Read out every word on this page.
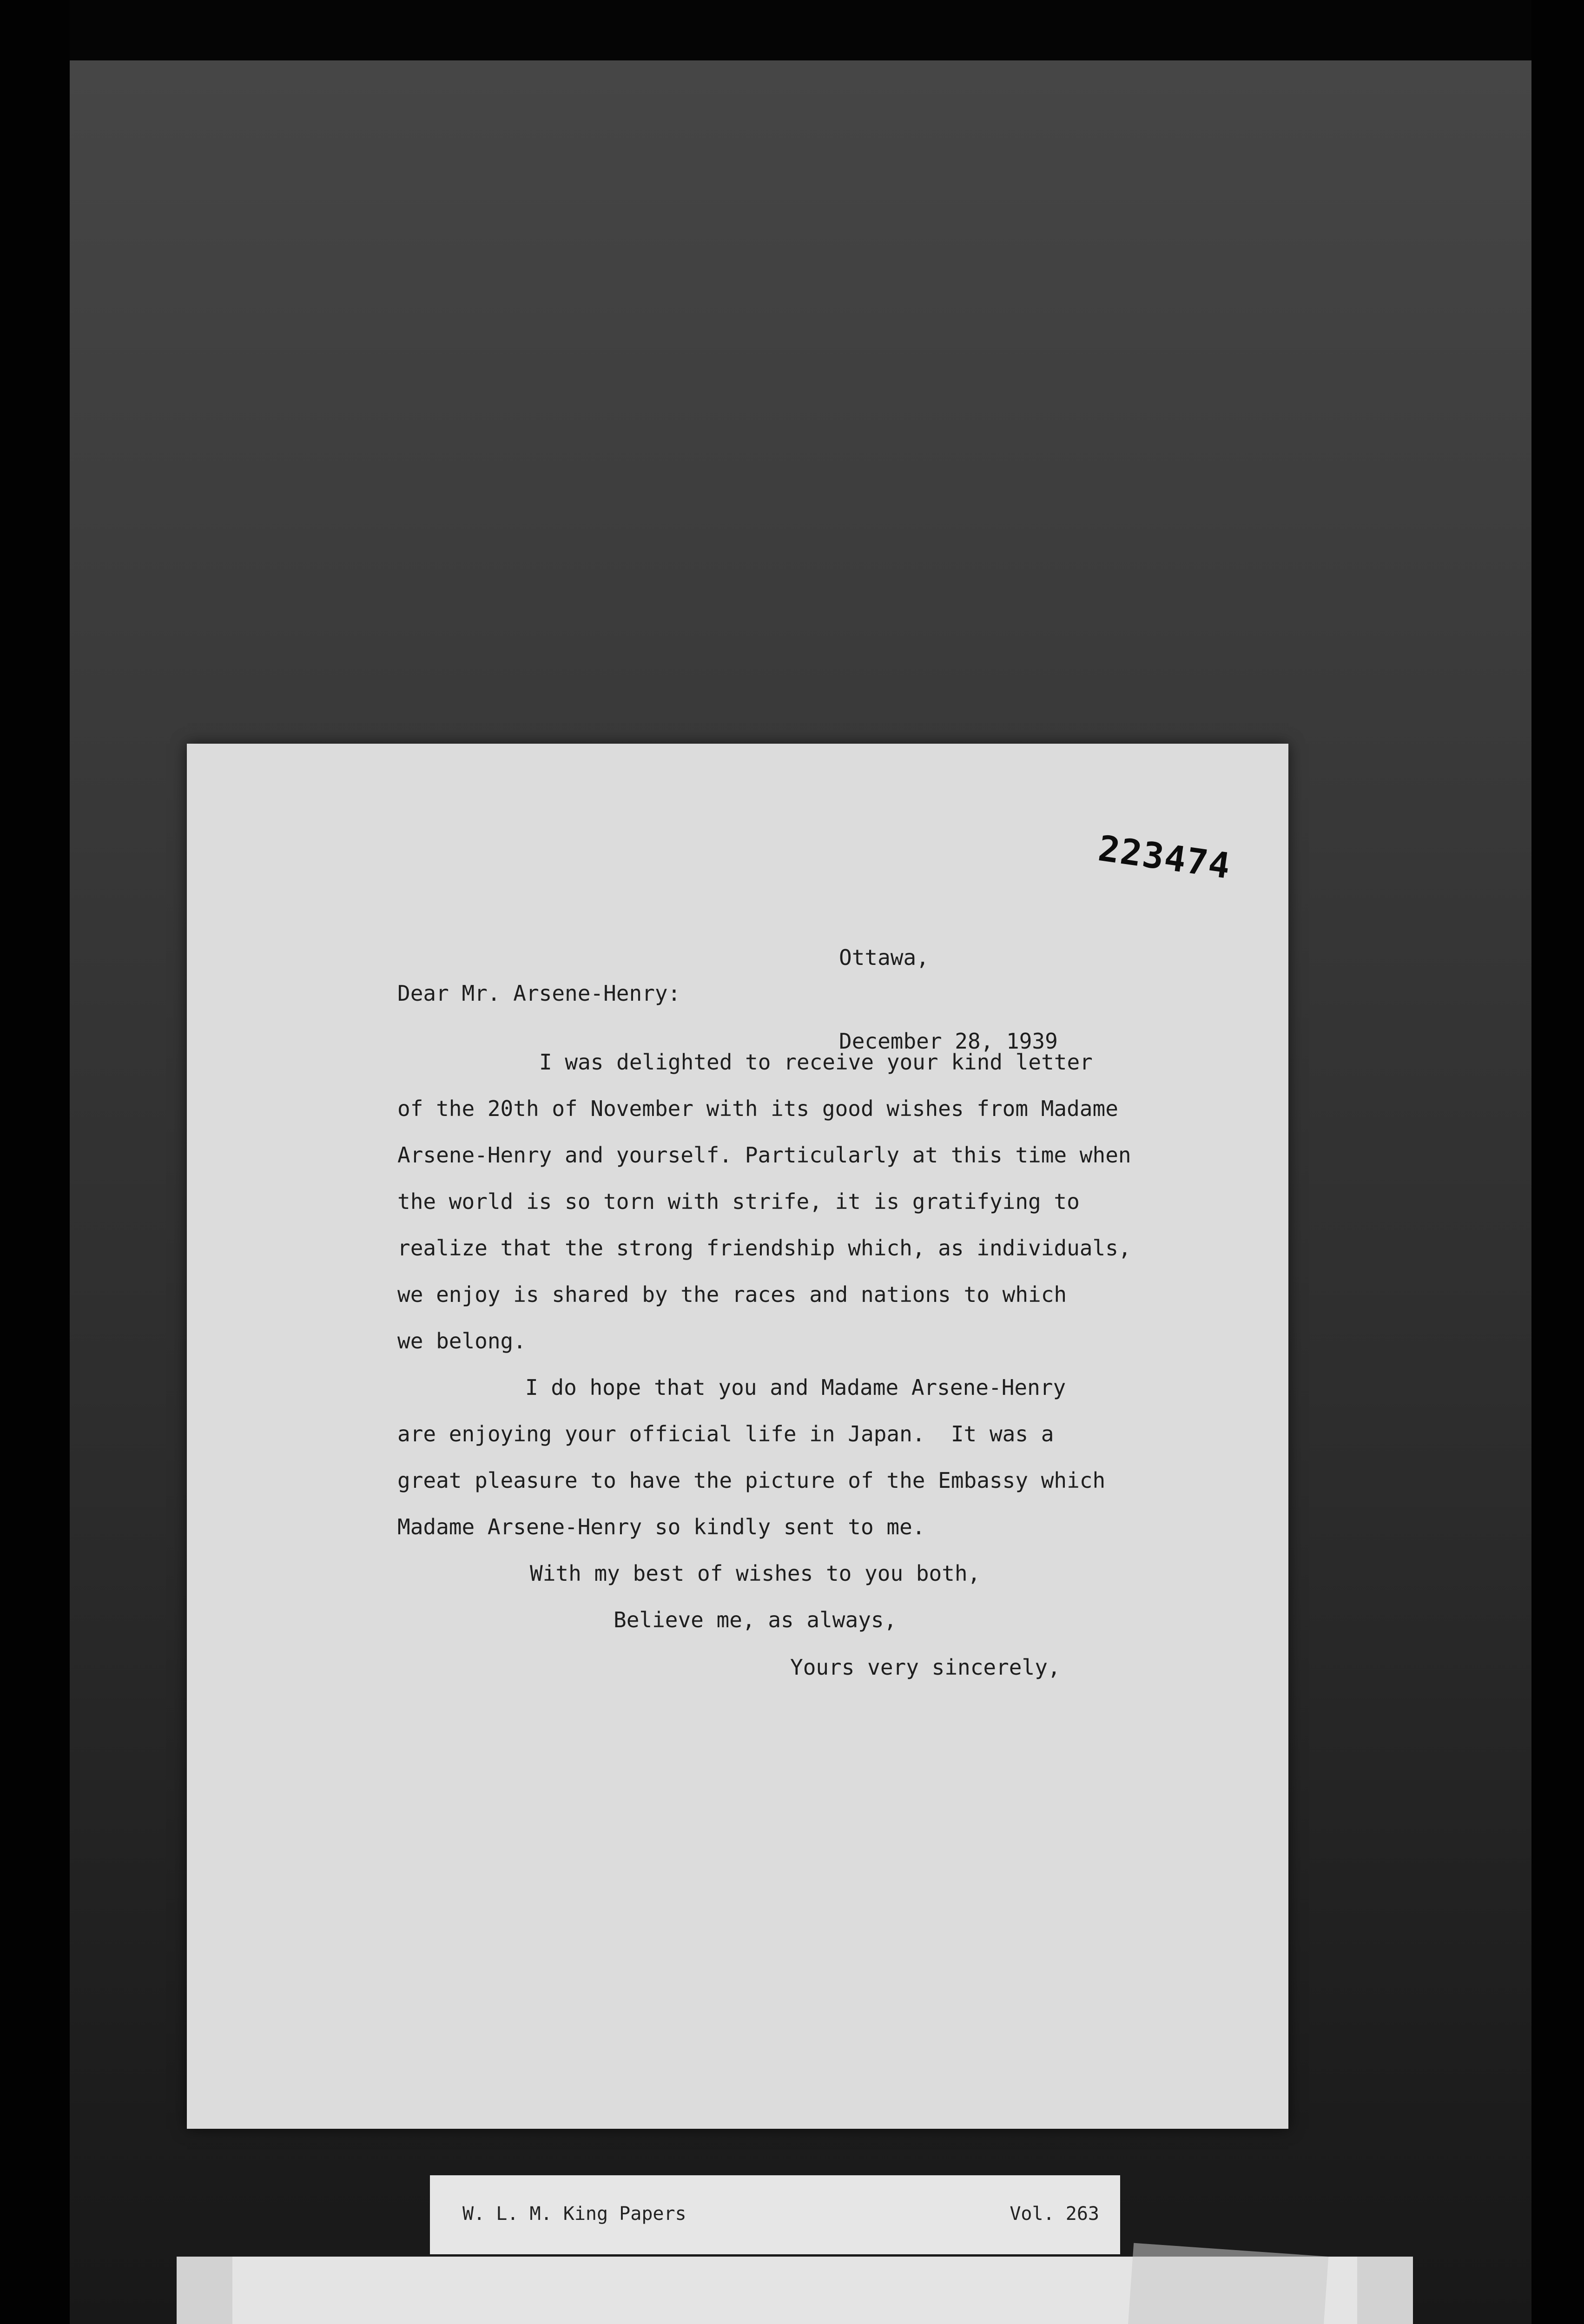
223474

Ottawa,

December 28, 1939

Dear Mr. Arsene-Henry:
I was delighted to receive your kind letter
of the 20th of November with its good wishes from Madame
Arsene-Henry and yourself. Particularly at this time when
the world is so torn with strife, it is gratifying to
realize that the strong friendship which, as individuals,
we enjoy is shared by the races and nations to which
we belong.
I do hope that you and Madame Arsene-Henry
are enjoying your official life in Japan.  It was a
great pleasure to have the picture of the Embassy which
Madame Arsene-Henry so kindly sent to me.
With my best of wishes to you both,
Believe me, as always,
Yours very sincerely,
W. L. M. King Papers	Vol. 263
